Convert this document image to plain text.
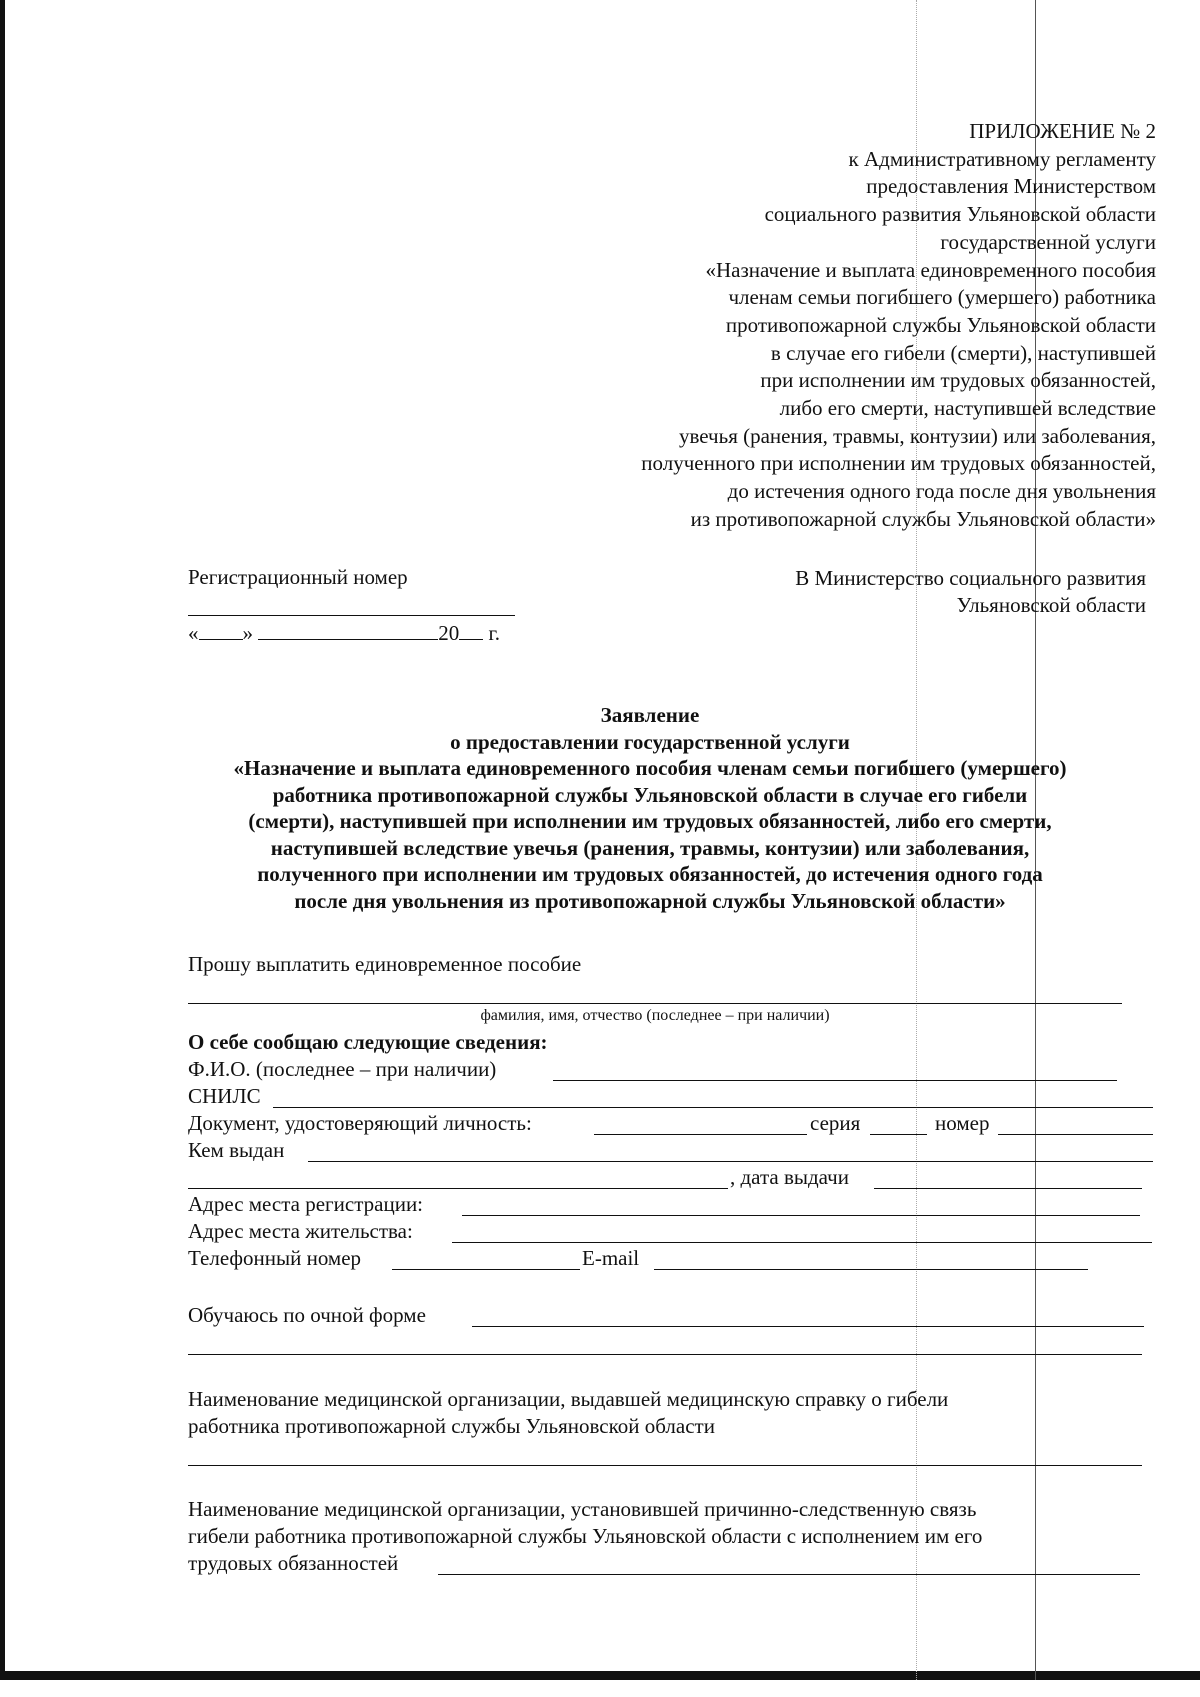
ПРИЛОЖЕНИЕ № 2
к Административному регламенту
предоставления Министерством
социального развития Ульяновской области
государственной услуги
«Назначение и выплата единовременного пособия
членам семьи погибшего (умершего) работника
противопожарной службы Ульяновской области
в случае его гибели (смерти), наступившей
при исполнении им трудовых обязанностей,
либо его смерти, наступившей вследствие
увечья (ранения, травмы, контузии) или заболевания,
полученного при исполнении им трудовых обязанностей,
до истечения одного года после дня увольнения
из противопожарной службы Ульяновской области»
Регистрационный номер
« »	20 г.
В Министерство социального развития
Ульяновской области
Заявление
о предоставлении государственной услуги
«Назначение и выплата единовременного пособия членам семьи погибшего (умершего)
работника противопожарной службы Ульяновской области в случае его гибели
(смерти), наступившей при исполнении им трудовых обязанностей, либо его смерти,
наступившей вследствие увечья (ранения, травмы, контузии) или заболевания,
полученного при исполнении им трудовых обязанностей, до истечения одного года
после дня увольнения из противопожарной службы Ульяновской области»
Прошу выплатить единовременное пособие
фамилия, имя, отчество (последнее – при наличии)
О себе сообщаю следующие сведения:
Ф.И.О. (последнее – при наличии)
СНИЛС
Документ, удостоверяющий личность:	серия	номер
Кем выдан
, дата выдачи
Адрес места регистрации:
Адрес места жительства:
Телефонный номер	E-mail
Обучаюсь по очной форме
Наименование медицинской организации, выдавшей медицинскую справку о гибели
работника противопожарной службы Ульяновской области
Наименование медицинской организации, установившей причинно-следственную связь
гибели работника противопожарной службы Ульяновской области с исполнением им его
трудовых обязанностей
